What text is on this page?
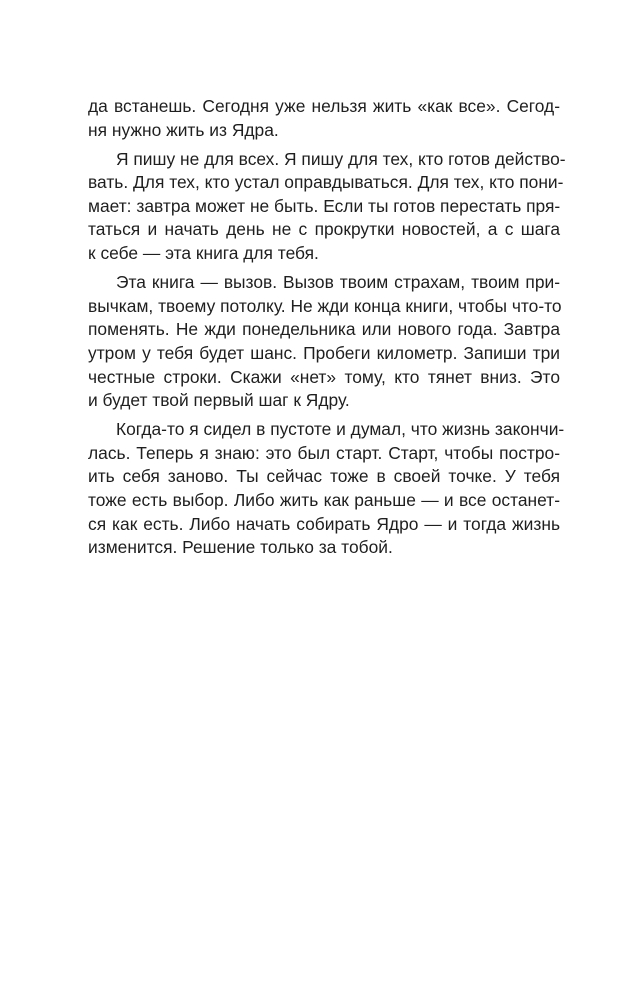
да встанешь. Сегодня уже нельзя жить «как все». Сегод-
ня нужно жить из Ядра.

Я пишу не для всех. Я пишу для тех, кто готов действо-
вать. Для тех, кто устал оправдываться. Для тех, кто пони-
мает: завтра может не быть. Если ты готов перестать пря-
таться и начать день не с прокрутки новостей, а с шага
к себе — эта книга для тебя.

Эта книга — вызов. Вызов твоим страхам, твоим при-
вычкам, твоему потолку. Не жди конца книги, чтобы что-то
поменять. Не жди понедельника или нового года. Завтра
утром у тебя будет шанс. Пробеги километр. Запиши три
честные строки. Скажи «нет» тому, кто тянет вниз. Это
и будет твой первый шаг к Ядру.

Когда-то я сидел в пустоте и думал, что жизнь закончи-
лась. Теперь я знаю: это был старт. Старт, чтобы постро-
ить себя заново. Ты сейчас тоже в своей точке. У тебя
тоже есть выбор. Либо жить как раньше — и все останет-
ся как есть. Либо начать собирать Ядро — и тогда жизнь
изменится. Решение только за тобой.
